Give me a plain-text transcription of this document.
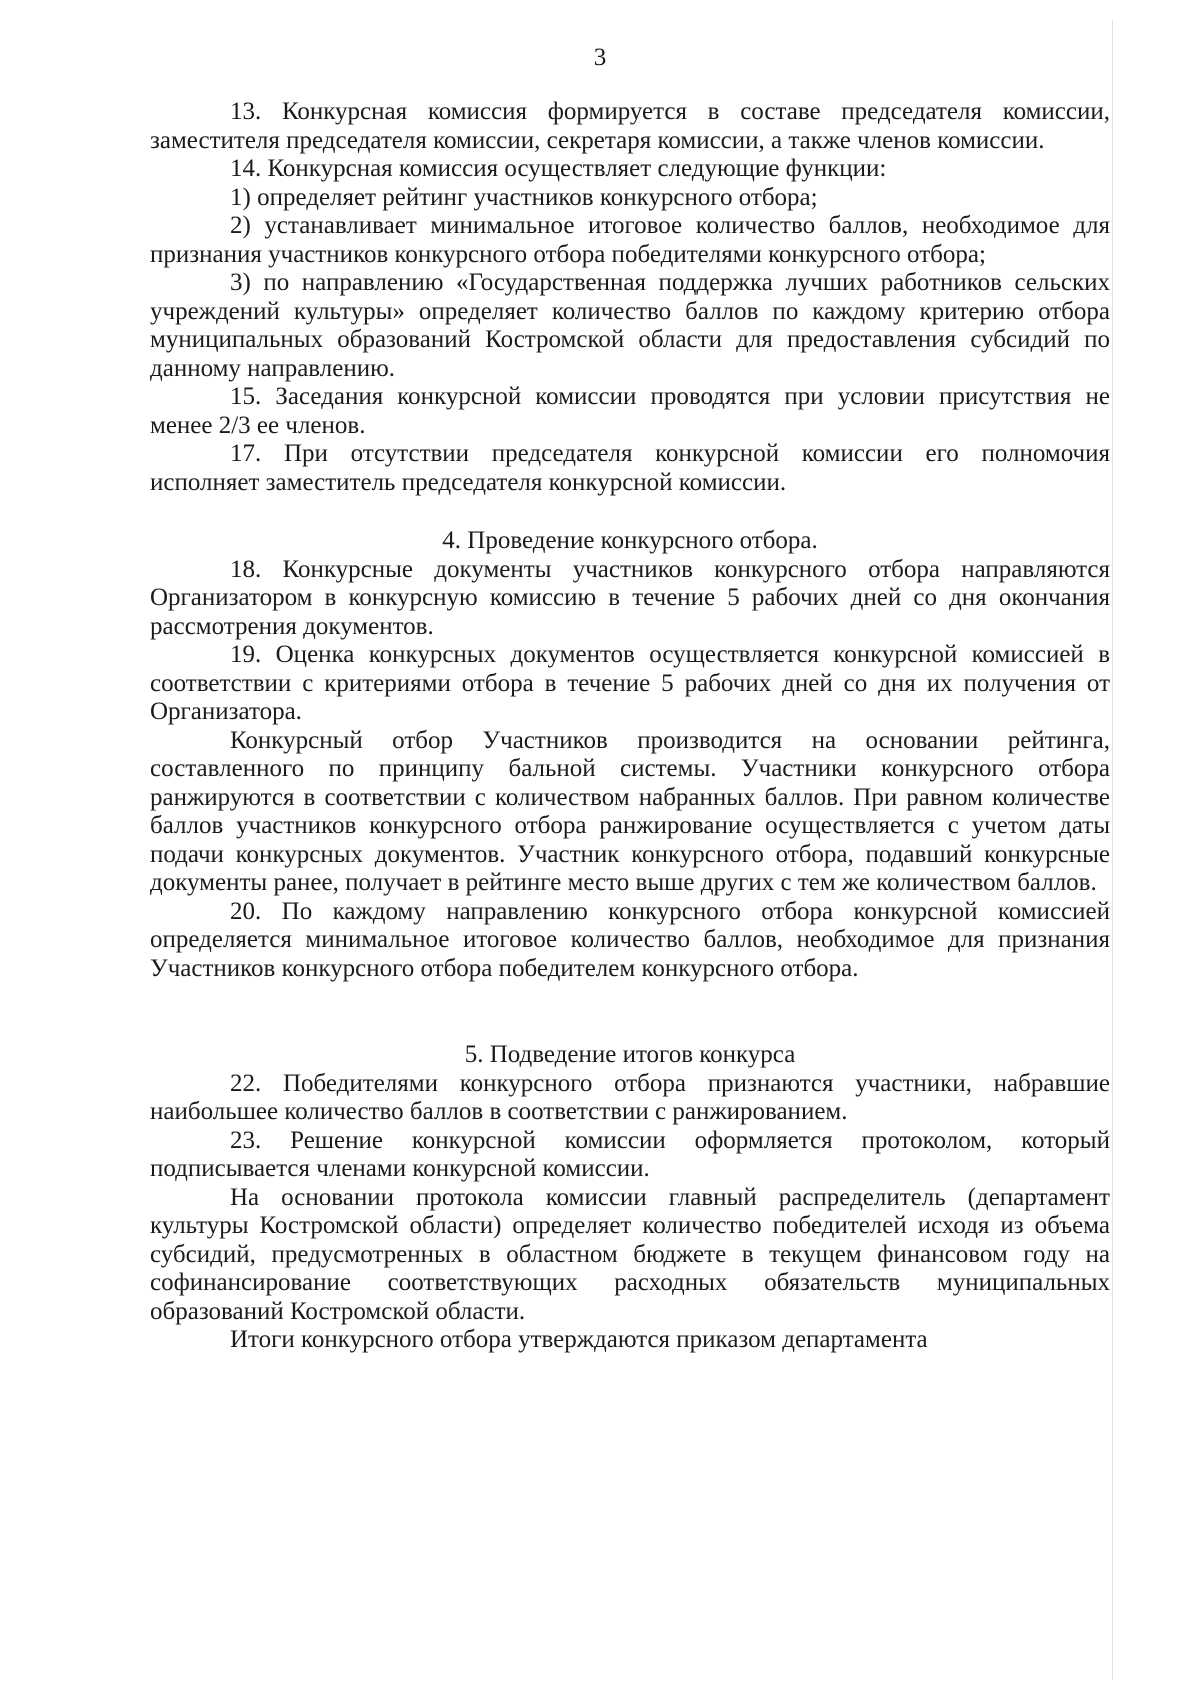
3

13. Конкурсная комиссия формируется в составе председателя комиссии, заместителя председателя комиссии, секретаря комиссии, а также членов комиссии.

14. Конкурсная комиссия осуществляет следующие функции:

1) определяет рейтинг участников конкурсного отбора;

2) устанавливает минимальное итоговое количество баллов, необходимое для признания участников конкурсного отбора победителями конкурсного отбора;

3) по направлению «Государственная поддержка лучших работников сельских учреждений культуры» определяет количество баллов по каждому критерию отбора муниципальных образований Костромской области для предоставления субсидий по данному направлению.

15. Заседания конкурсной комиссии проводятся при условии присутствия не менее 2/3 ее членов.

17. При отсутствии председателя конкурсной комиссии его полномочия исполняет заместитель председателя конкурсной комиссии.

4. Проведение конкурсного отбора.

18. Конкурсные документы участников конкурсного отбора направляются Организатором в конкурсную комиссию в течение 5 рабочих дней со дня окончания рассмотрения документов.

19. Оценка конкурсных документов осуществляется конкурсной комиссией в соответствии с критериями отбора в течение 5 рабочих дней со дня их получения от Организатора.

Конкурсный отбор Участников производится на основании рейтинга, составленного по принципу бальной системы. Участники конкурсного отбора ранжируются в соответствии с количеством набранных баллов. При равном количестве баллов участников конкурсного отбора ранжирование осуществляется с учетом даты подачи конкурсных документов. Участник конкурсного отбора, подавший конкурсные документы ранее, получает в рейтинге место выше других с тем же количеством баллов.

20. По каждому направлению конкурсного отбора конкурсной комиссией определяется минимальное итоговое количество баллов, необходимое для признания Участников конкурсного отбора победителем конкурсного отбора.

5. Подведение итогов конкурса

22. Победителями конкурсного отбора признаются участники, набравшие наибольшее количество баллов в соответствии с ранжированием.

23. Решение конкурсной комиссии оформляется протоколом, который подписывается членами конкурсной комиссии.

На основании протокола комиссии главный распределитель (департамент культуры Костромской области) определяет количество победителей исходя из объема субсидий, предусмотренных в областном бюджете в текущем финансовом году на софинансирование соответствующих расходных обязательств муниципальных образований Костромской области.

Итоги конкурсного отбора утверждаются приказом департамента
